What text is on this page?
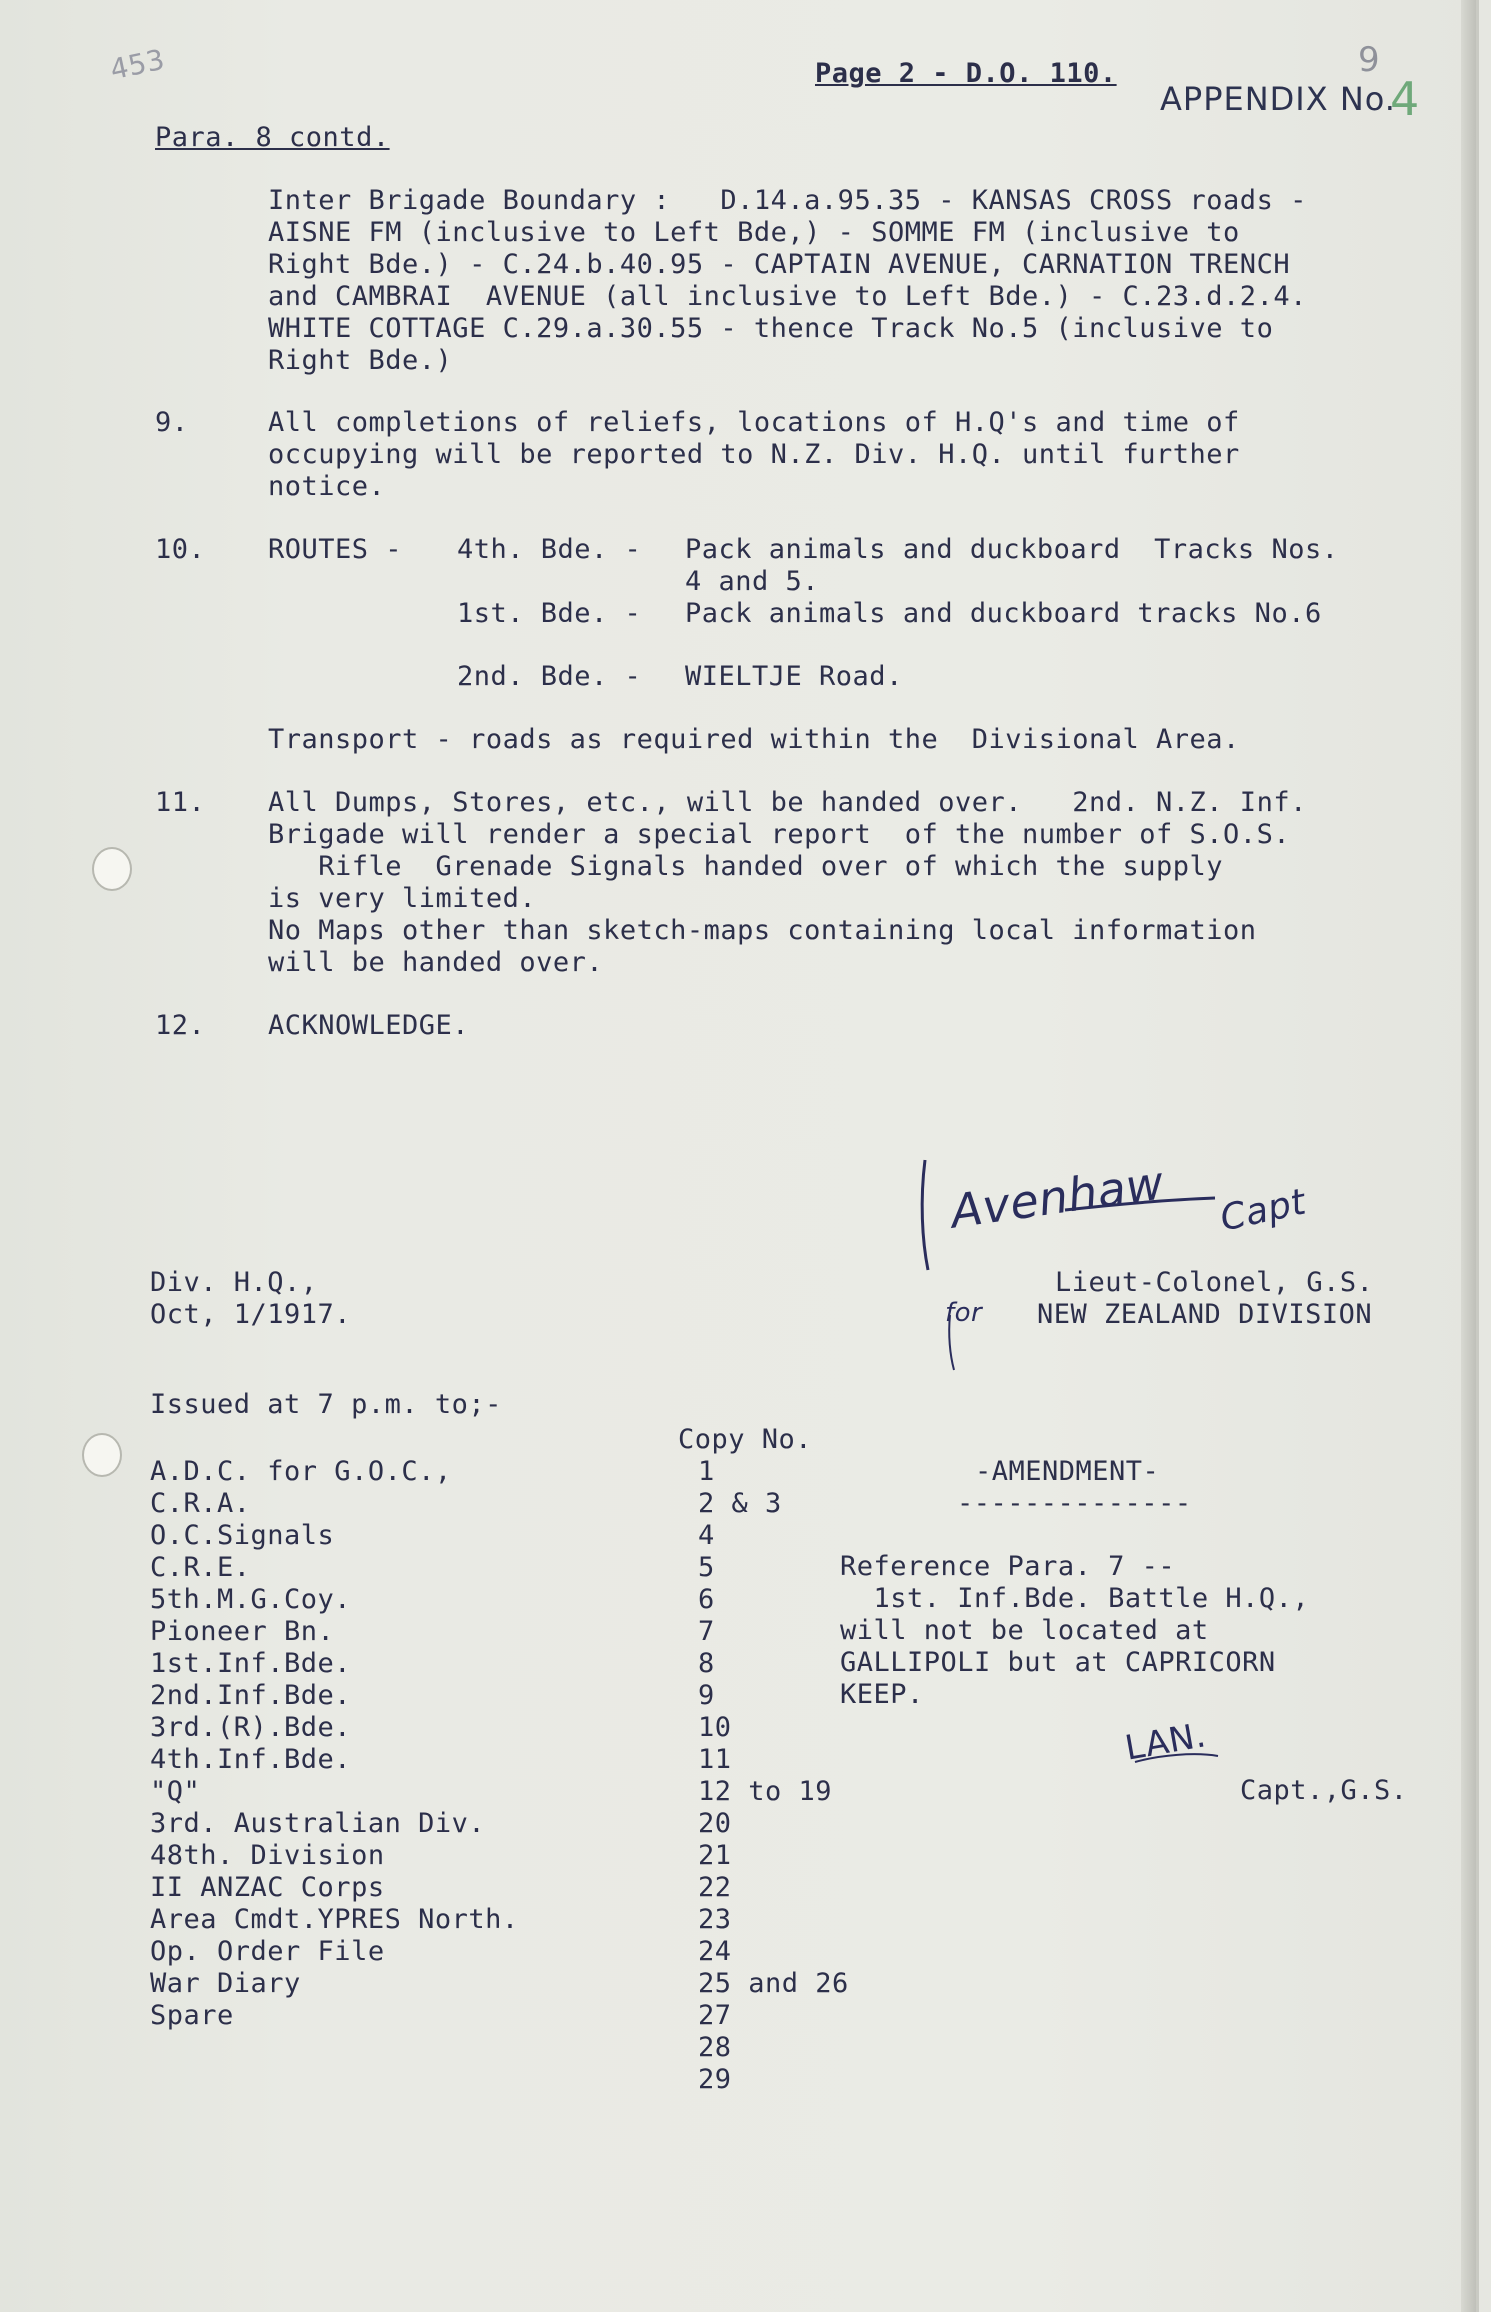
453	Page 2 - D.O. 110.
APPENDIX No.
4
9
Para. 8 contd.
Inter Brigade Boundary :   D.14.a.95.35 - KANSAS CROSS roads -
AISNE FM (inclusive to Left Bde,) - SOMME FM (inclusive to
Right Bde.) - C.24.b.40.95 - CAPTAIN AVENUE, CARNATION TRENCH
and CAMBRAI  AVENUE (all inclusive to Left Bde.) - C.23.d.2.4.
WHITE COTTAGE C.29.a.30.55 - thence Track No.5 (inclusive to
Right Bde.)
9.	All completions of reliefs, locations of H.Q's and time of
occupying will be reported to N.Z. Div. H.Q. until further
notice.
10. ROUTES - 4th. Bde. - Pack animals and duckboard  Tracks Nos.
4 and 5.
1st. Bde. - Pack animals and duckboard tracks No.6
2nd. Bde. - WIELTJE Road.
Transport - roads as required within the  Divisional Area.
11. All Dumps, Stores, etc., will be handed over.   2nd. N.Z. Inf.
Brigade will render a special report  of the number of S.O.S.
Rifle  Grenade Signals handed over of which the supply
is very limited.
No Maps other than sketch-maps containing local information
will be handed over.
12. ACKNOWLEDGE.
Avenhaw Capt
for
Lieut-Colonel, G.S.
NEW ZEALAND DIVISION
Div. H.Q.,
Oct, 1/1917.
Issued at 7 p.m. to;-
Copy No.
A.D.C. for G.O.C.,	1
C.R.A.	2 & 3
O.C.Signals	4
C.R.E.	5
5th.M.G.Coy.	6
Pioneer Bn.	7
1st.Inf.Bde.	8
2nd.Inf.Bde.	9
3rd.(R).Bde.	10
4th.Inf.Bde.	11
"Q"	12 to 19
3rd. Australian Div.	20
48th. Division	21
II ANZAC Corps	22
Area Cmdt.YPRES North.	23
Op. Order File	24
War Diary	25 and 26
Spare	27
28
29
-AMENDMENT-
--------------
Reference Para. 7 --
1st. Inf.Bde. Battle H.Q.,
will not be located at
GALLIPOLI but at CAPRICORN
KEEP.
LAN.
Capt.,G.S.
